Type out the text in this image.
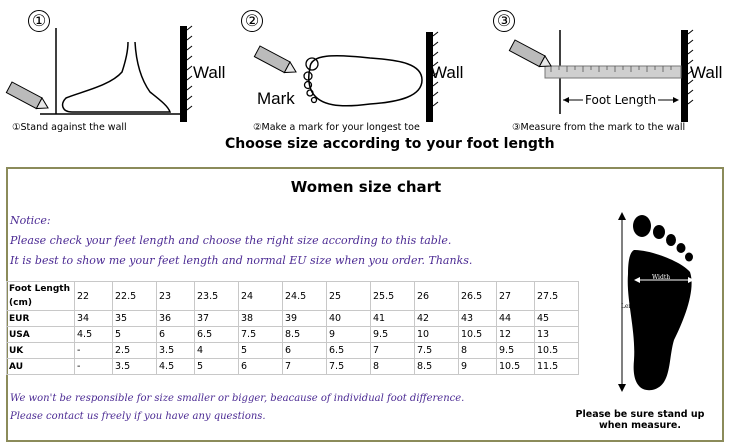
①
Wall
①Stand against the wall
②
Wall
Mark
②Make a mark for your longest toe
③
Wall
Foot Length
③Measure from the mark to the wall
Choose size according to your foot length
Women size chart
Notice:
Please check your feet length and choose the right size according to this table.
It is best to show me your feet length and normal EU size when you order. Thanks.
Foot Length (cm)	22	22.5	23	23.5	24	24.5	25	25.5	26	26.5	27	27.5
EUR	34	35	36	37	38	39	40	41	42	43	44	45
USA	4.5	5	6	6.5	7.5	8.5	9	9.5	10	10.5	12	13
UK	-	2.5	3.5	4	5	6	6.5	7	7.5	8	9.5	10.5
AU	-	3.5	4.5	5	6	7	7.5	8	8.5	9	10.5	11.5
We won't be responsible for size smaller or bigger, beacause of individual foot difference.
Please contact us freely if you have any questions.
Width
Length
Please be sure stand up when measure.
